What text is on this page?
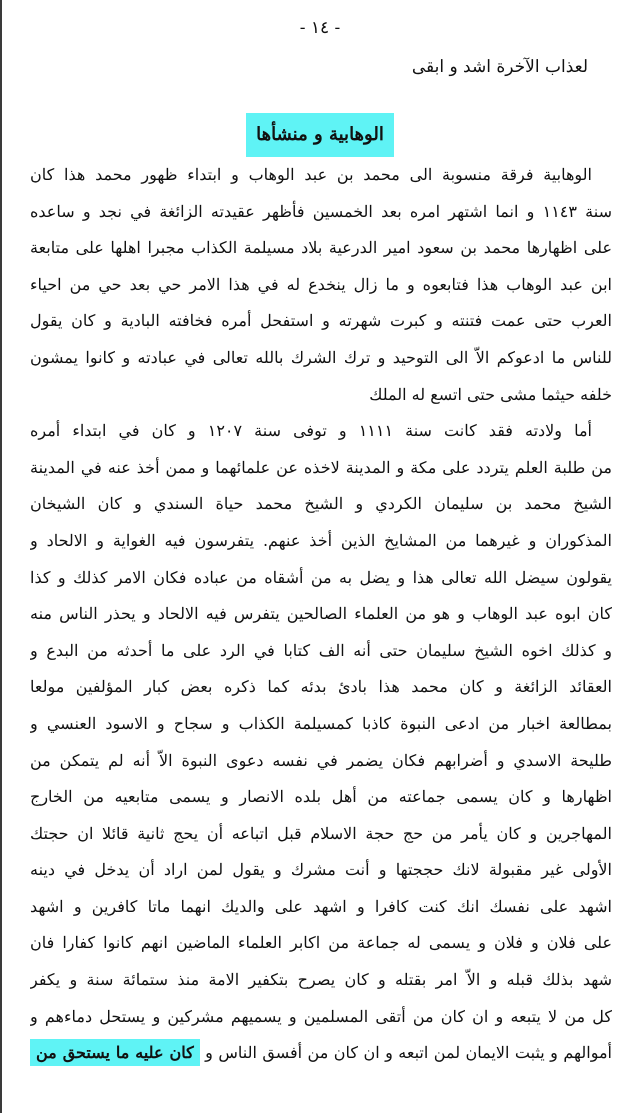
- ١٤ -
لعذاب الآخرة اشد و ابقى
الوهابية و منشأها
الوهابية فرقة منسوبة الى محمد بن عبد الوهاب و ابتداء ظهور محمد هذا كان
سنة ١١٤٣ و انما اشتهر امره بعد الخمسين فأظهر عقيدته الزائغة في نجد و ساعده
على اظهارها محمد بن سعود امير الدرعية بلاد مسيلمة الكذاب مجبرا اهلها على متابعة
ابن عبد الوهاب هذا فتابعوه و ما زال ينخدع له في هذا الامر حي بعد حي من احياء
العرب حتى عمت فتنته و كبرت شهرته و استفحل أمره فخافته البادية و كان يقول
للناس ما ادعوكم الاّ الى التوحيد و ترك الشرك بالله تعالى في عبادته و كانوا يمشون
خلفه حيثما مشى حتى اتسع له الملك
أما ولادته فقد كانت سنة ١١١١ و توفى سنة ١٢٠٧ و كان في ابتداء أمره
من طلبة العلم يتردد على مكة و المدينة لاخذه عن علمائهما و ممن أخذ عنه في المدينة
الشيخ محمد بن سليمان الكردي و الشيخ محمد حياة السندي و كان الشيخان
المذكوران و غيرهما من المشايخ الذين أخذ عنهم. يتفرسون فيه الغواية و الالحاد و
يقولون سيضل الله تعالى هذا و يضل به من أشقاه من عباده فكان الامر كذلك و كذا
كان ابوه عبد الوهاب و هو من العلماء الصالحين يتفرس فيه الالحاد و يحذر الناس منه
و كذلك اخوه الشيخ سليمان حتى أنه الف كتابا في الرد على ما أحدثه من البدع و
العقائد الزائغة و كان محمد هذا بادئ بدئه كما ذكره بعض كبار المؤلفين مولعا
بمطالعة اخبار من ادعى النبوة كاذبا كمسيلمة الكذاب و سجاح و الاسود العنسي و
طليحة الاسدي و أضرابهم فكان يضمر في نفسه دعوى النبوة الاّ أنه لم يتمكن من
اظهارها و كان يسمى جماعته من أهل بلده الانصار و يسمى متابعيه من الخارج
المهاجرين و كان يأمر من حج حجة الاسلام قبل اتباعه أن يحج ثانية قائلا ان حجتك
الأولى غير مقبولة لانك حججتها و أنت مشرك و يقول لمن اراد أن يدخل في دينه
اشهد على نفسك انك كنت كافرا و اشهد على والديك انهما ماتا كافرين و اشهد
على فلان و فلان و يسمى له جماعة من اكابر العلماء الماضين انهم كانوا كفارا فان
شهد بذلك قبله و الاّ امر بقتله و كان يصرح بتكفير الامة منذ ستمائة سنة و يكفر
كل من لا يتبعه و ان كان من أتقى المسلمين و يسميهم مشركين و يستحل دماءهم و
أموالهم و يثبت الايمان لمن اتبعه و ان كان من أفسق الناس و كان عليه ما يستحق من
